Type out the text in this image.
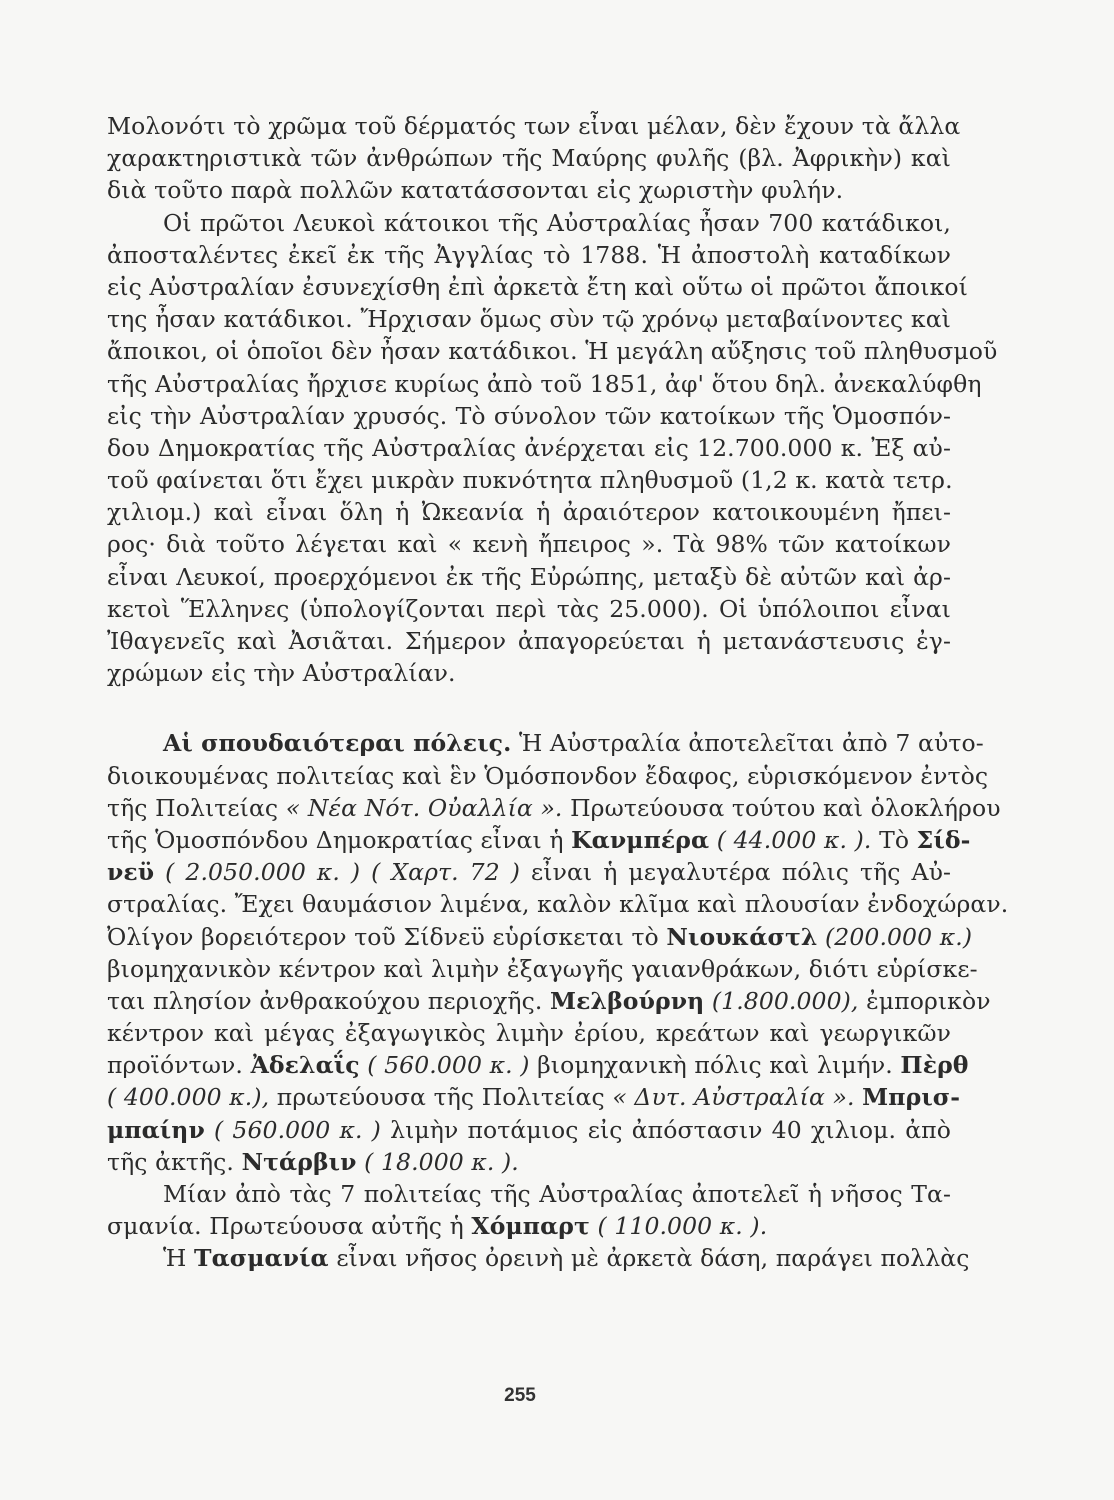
Μολονότι τὸ χρῶμα τοῦ δέρματός των εἶναι μέλαν, δὲν ἔχουν τὰ ἄλλα
χαρακτηριστικὰ τῶν ἀνθρώπων τῆς Μαύρης φυλῆς (βλ. Ἀφρικὴν) καὶ
διὰ τοῦτο παρὰ πολλῶν κατατάσσονται εἰς χωριστὴν φυλήν.
Οἱ πρῶτοι Λευκοὶ κάτοικοι τῆς Αὐστραλίας ἦσαν 700 κατάδικοι,
ἀποσταλέντες ἐκεῖ ἐκ τῆς Ἀγγλίας τὸ 1788. Ἡ ἀποστολὴ καταδίκων
εἰς Αὐστραλίαν ἐσυνεχίσθη ἐπὶ ἀρκετὰ ἔτη καὶ οὕτω οἱ πρῶτοι ἄποικοί
της ἦσαν κατάδικοι. Ἤρχισαν ὅμως σὺν τῷ χρόνῳ μεταβαίνοντες καὶ
ἄποικοι, οἱ ὁποῖοι δὲν ἦσαν κατάδικοι. Ἡ μεγάλη αὔξησις τοῦ πληθυσμοῦ
τῆς Αὐστραλίας ἤρχισε κυρίως ἀπὸ τοῦ 1851, ἀφ' ὅτου δηλ. ἀνεκαλύφθη
εἰς τὴν Αὐστραλίαν χρυσός. Τὸ σύνολον τῶν κατοίκων τῆς Ὁμοσπόν-
δου Δημοκρατίας τῆς Αὐστραλίας ἀνέρχεται εἰς 12.700.000 κ. Ἐξ αὐ-
τοῦ φαίνεται ὅτι ἔχει μικρὰν πυκνότητα πληθυσμοῦ (1,2 κ. κατὰ τετρ.
χιλιομ.) καὶ εἶναι ὅλη ἡ Ὠκεανία ἡ ἀραιότερον κατοικουμένη ἤπει-
ρος· διὰ τοῦτο λέγεται καὶ « κενὴ ἤπειρος ». Τὰ 98% τῶν κατοίκων
εἶναι Λευκοί, προερχόμενοι ἐκ τῆς Εὐρώπης, μεταξὺ δὲ αὐτῶν καὶ ἀρ-
κετοὶ Ἕλληνες (ὑπολογίζονται περὶ τὰς 25.000). Οἱ ὑπόλοιποι εἶναι
Ἰθαγενεῖς καὶ Ἀσιᾶται. Σήμερον ἀπαγορεύεται ἡ μετανάστευσις ἐγ-
χρώμων εἰς τὴν Αὐστραλίαν.
Αἱ σπουδαιότεραι πόλεις. Ἡ Αὐστραλία ἀποτελεῖται ἀπὸ 7 αὐτο-
διοικουμένας πολιτείας καὶ ἓν Ὁμόσπονδον ἔδαφος, εὑρισκόμενον ἐντὸς
τῆς Πολιτείας « Νέα Νότ. Οὐαλλία ». Πρωτεύουσα τούτου καὶ ὁλοκλήρου
τῆς Ὁμοσπόνδου Δημοκρατίας εἶναι ἡ Κανμπέρα ( 44.000 κ. ). Τὸ Σίδ-
νεϋ ( 2.050.000 κ. ) ( Χαρτ. 72 ) εἶναι ἡ μεγαλυτέρα πόλις τῆς Αὐ-
στραλίας. Ἔχει θαυμάσιον λιμένα, καλὸν κλῖμα καὶ πλουσίαν ἐνδοχώραν.
Ὀλίγον βορειότερον τοῦ Σίδνεϋ εὑρίσκεται τὸ Νιουκάστλ (200.000 κ.)
βιομηχανικὸν κέντρον καὶ λιμὴν ἐξαγωγῆς γαιανθράκων, διότι εὑρίσκε-
ται πλησίον ἀνθρακούχου περιοχῆς. Μελβούρνη (1.800.000), ἐμπορικὸν
κέντρον καὶ μέγας ἐξαγωγικὸς λιμὴν ἐρίου, κρεάτων καὶ γεωργικῶν
προϊόντων. Ἀδελαΐς ( 560.000 κ. ) βιομηχανικὴ πόλις καὶ λιμήν. Πὲρθ
( 400.000 κ.), πρωτεύουσα τῆς Πολιτείας « Δυτ. Αὐστραλία ». Μπρισ-
μπαίην ( 560.000 κ. ) λιμὴν ποτάμιος εἰς ἀπόστασιν 40 χιλιομ. ἀπὸ
τῆς ἀκτῆς. Ντάρβιν ( 18.000 κ. ).
Μίαν ἀπὸ τὰς 7 πολιτείας τῆς Αὐστραλίας ἀποτελεῖ ἡ νῆσος Τα-
σμανία. Πρωτεύουσα αὐτῆς ἡ Χόμπαρτ ( 110.000 κ. ).
Ἡ Τασμανία εἶναι νῆσος ὀρεινὴ μὲ ἀρκετὰ δάση, παράγει πολλὰς
255
